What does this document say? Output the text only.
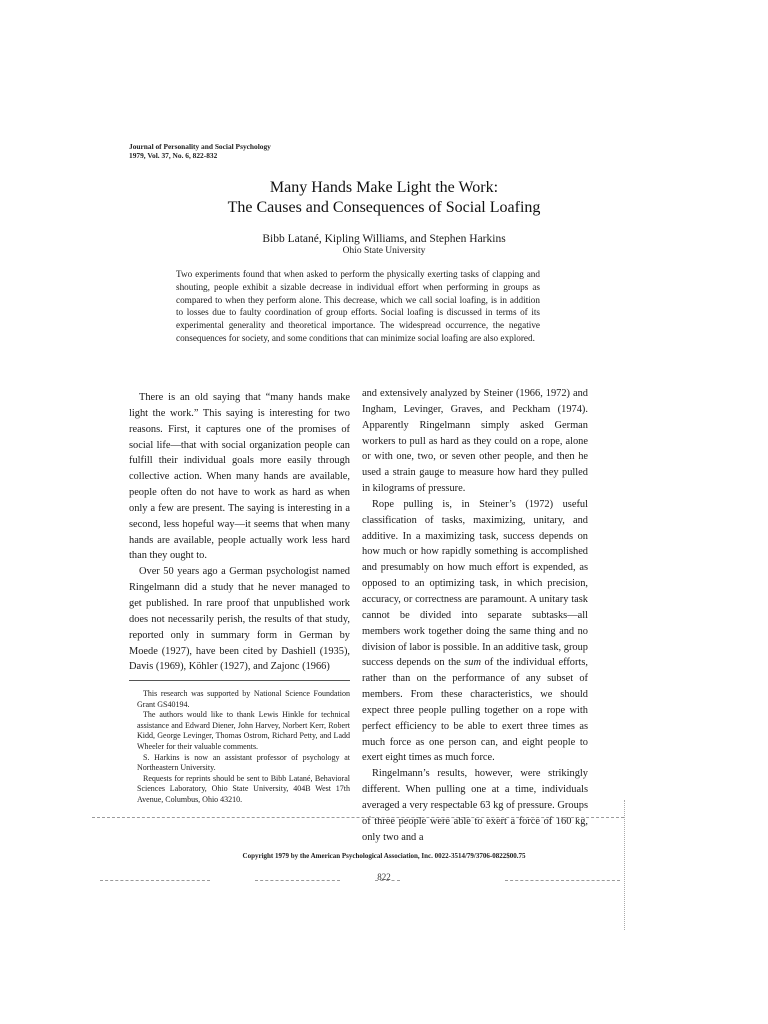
Journal of Personality and Social Psychology
1979, Vol. 37, No. 6, 822-832
Many Hands Make Light the Work:
The Causes and Consequences of Social Loafing
Bibb Latané, Kipling Williams, and Stephen Harkins
Ohio State University

Two experiments found that when asked to perform the physically exerting tasks of clapping and shouting, people exhibit a sizable decrease in individual effort when performing in groups as compared to when they perform alone. This decrease, which we call social loafing, is in addition to losses due to faulty coordination of group efforts. Social loafing is discussed in terms of its experimental generality and theoretical importance. The widespread occurrence, the negative consequences for society, and some conditions that can minimize social loafing are also explored.

There is an old saying that “many hands make light the work.” This saying is interesting for two reasons. First, it captures one of the promises of social life—that with social organization people can fulfill their individual goals more easily through collective action. When many hands are available, people often do not have to work as hard as when only a few are present. The saying is interesting in a second, less hopeful way—it seems that when many hands are available, people actually work less hard than they ought to.

Over 50 years ago a German psychologist named Ringelmann did a study that he never managed to get published. In rare proof that unpublished work does not necessarily perish, the results of that study, reported only in summary form in German by Moede (1927), have been cited by Dashiell (1935), Davis (1969), Köhler (1927), and Zajonc (1966)

and extensively analyzed by Steiner (1966, 1972) and Ingham, Levinger, Graves, and Peckham (1974). Apparently Ringelmann simply asked German workers to pull as hard as they could on a rope, alone or with one, two, or seven other people, and then he used a strain gauge to measure how hard they pulled in kilograms of pressure.

Rope pulling is, in Steiner’s (1972) useful classification of tasks, maximizing, unitary, and additive. In a maximizing task, success depends on how much or how rapidly something is accomplished and presumably on how much effort is expended, as opposed to an optimizing task, in which precision, accuracy, or correctness are paramount. A unitary task cannot be divided into separate subtasks—all members work together doing the same thing and no division of labor is possible. In an additive task, group success depends on the sum of the individual efforts, rather than on the performance of any subset of members. From these characteristics, we should expect three people pulling together on a rope with perfect efficiency to be able to exert three times as much force as one person can, and eight people to exert eight times as much force.

Ringelmann’s results, however, were strikingly different. When pulling one at a time, individuals averaged a very respectable 63 kg of pressure. Groups of three people were able to exert a force of 160 kg, only two and a

This research was supported by National Science Foundation Grant GS40194.

The authors would like to thank Lewis Hinkle for technical assistance and Edward Diener, John Harvey, Norbert Kerr, Robert Kidd, George Levinger, Thomas Ostrom, Richard Petty, and Ladd Wheeler for their valuable comments.

S. Harkins is now an assistant professor of psychology at Northeastern University.

Requests for reprints should be sent to Bibb Latané, Behavioral Sciences Laboratory, Ohio State University, 404B West 17th Avenue, Columbus, Ohio 43210.

Copyright 1979 by the American Psychological Association, Inc. 0022-3514/79/3706-0822$00.75
822
